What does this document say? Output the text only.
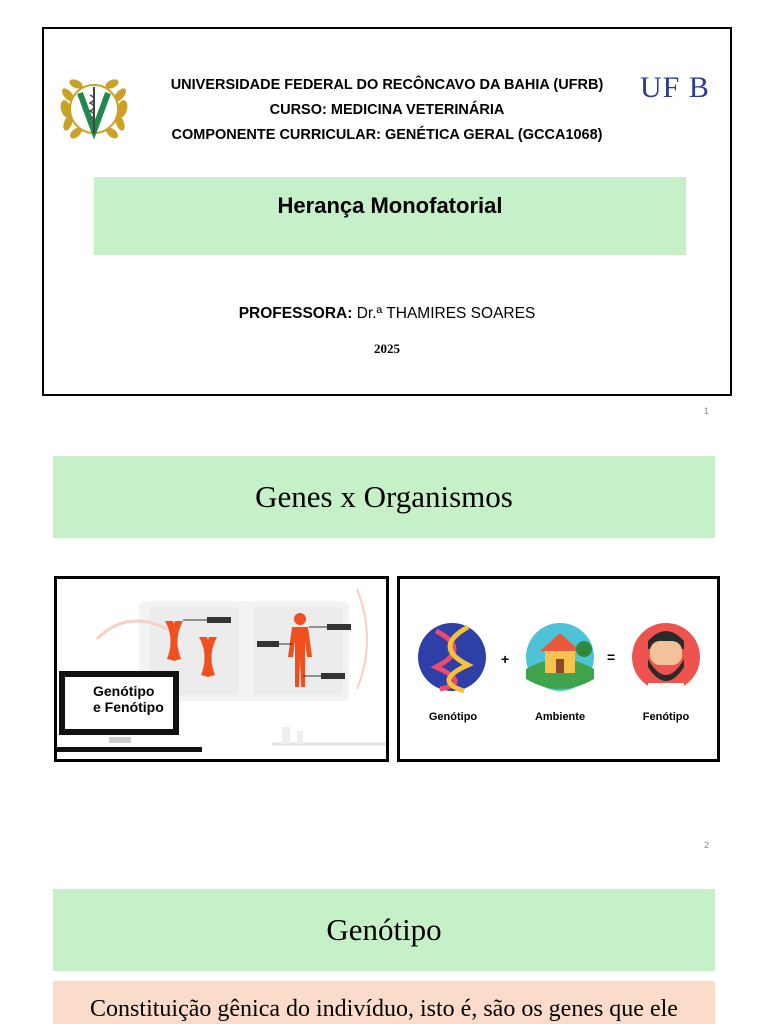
UNIVERSIDADE FEDERAL DO RECÔNCAVO DA BAHIA (UFRB)
CURSO: MEDICINA VETERINÁRIA
COMPONENTE CURRICULAR: GENÉTICA GERAL (GCCA1068)
UF B
Herança Monofatorial
PROFESSORA: Dr.ª THAMIRES SOARES
2025
1
Genes x Organismos
Genótipo
e Fenótipo
+	=
Genótipo	Ambiente	Fenótipo
2
Genótipo
Constituição gênica do indivíduo, isto é, são os genes que ele
